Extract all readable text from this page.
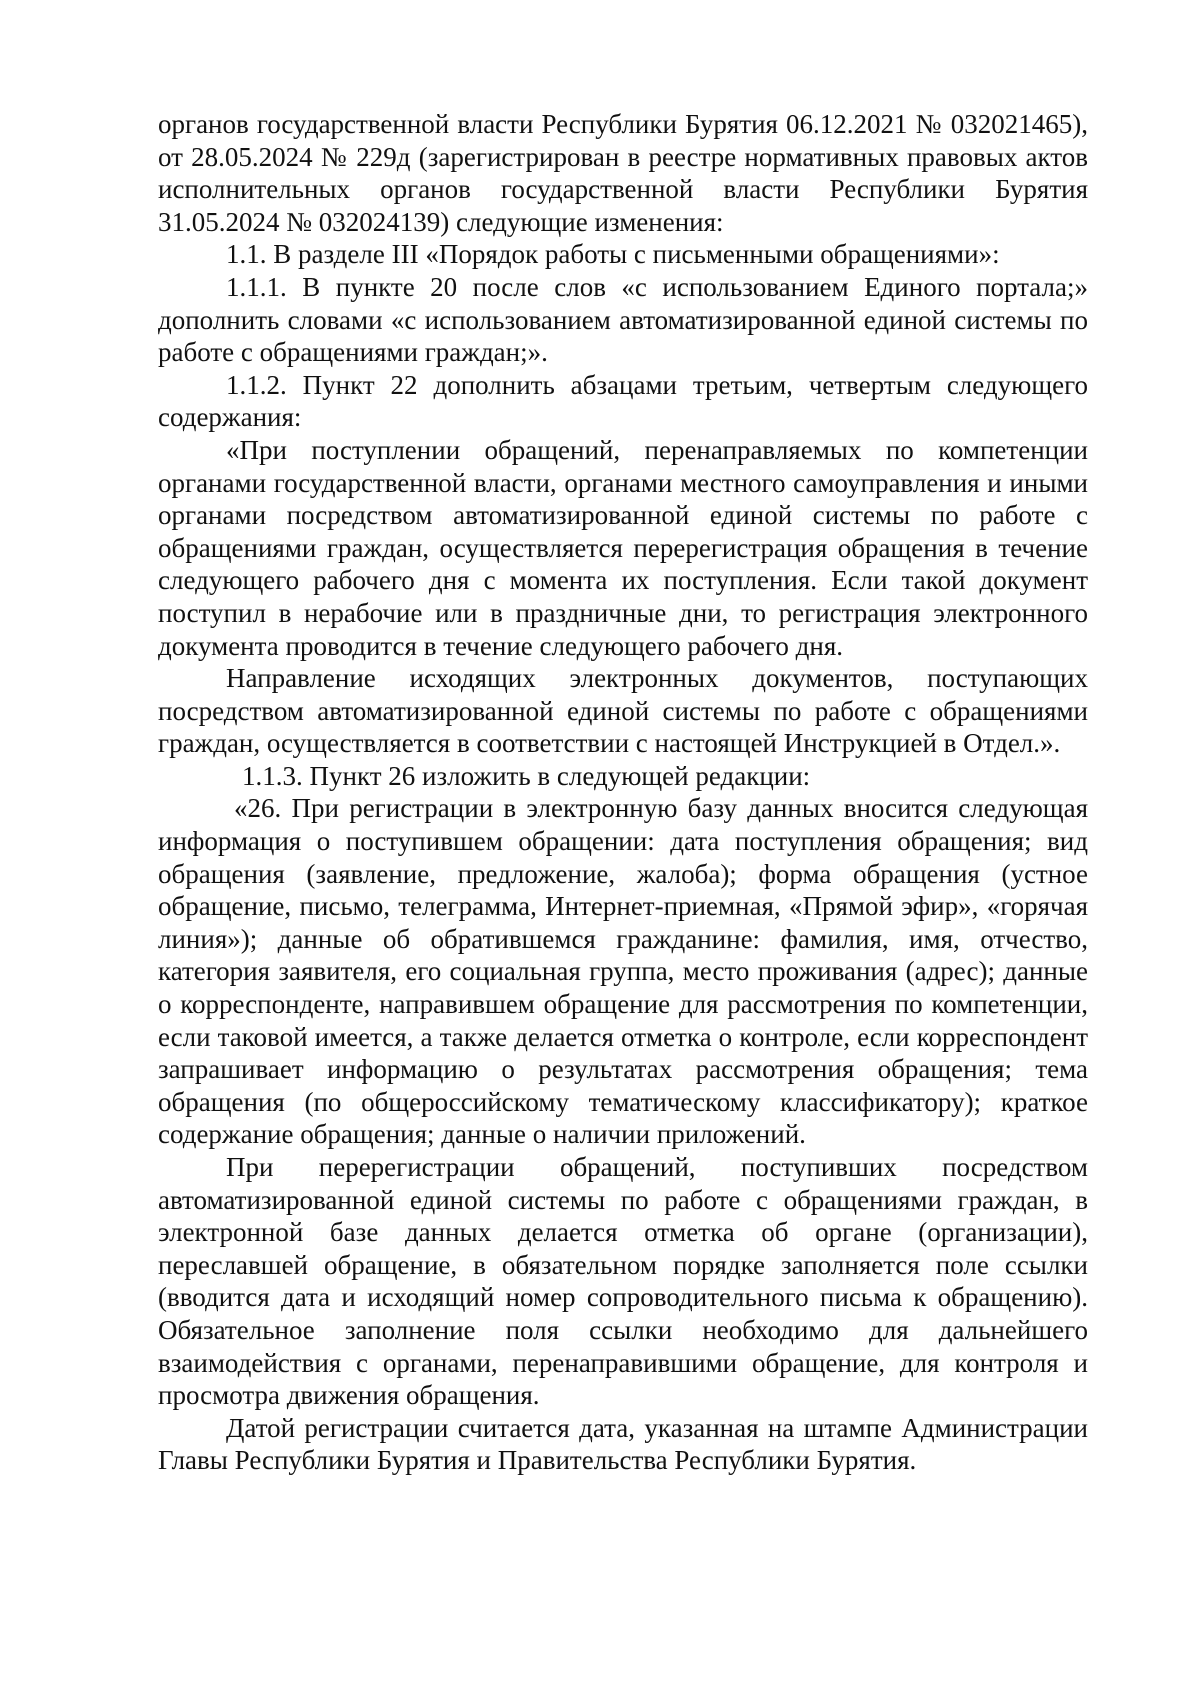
органов государственной власти Республики Бурятия 06.12.2021 № 032021465), от 28.05.2024 № 229д (зарегистрирован в реестре нормативных правовых актов исполнительных органов государственной власти Республики Бурятия 31.05.2024 № 032024139) следующие изменения:

1.1. В разделе III «Порядок работы с письменными обращениями»:

1.1.1. В пункте 20 после слов «с использованием Единого портала;» дополнить словами «с использованием автоматизированной единой системы по работе с обращениями граждан;».

1.1.2. Пункт 22 дополнить абзацами третьим, четвертым следующего содержания:

«При поступлении обращений, перенаправляемых по компетенции органами государственной власти, органами местного самоуправления и иными органами посредством автоматизированной единой системы по работе с обращениями граждан, осуществляется перерегистрация обращения в течение следующего рабочего дня с момента их поступления. Если такой документ поступил в нерабочие или в праздничные дни, то регистрация электронного документа проводится в течение следующего рабочего дня.

Направление исходящих электронных документов, поступающих посредством автоматизированной единой системы по работе с обращениями граждан, осуществляется в соответствии с настоящей Инструкцией в Отдел.».

1.1.3. Пункт 26 изложить в следующей редакции:

«26. При регистрации в электронную базу данных вносится следующая информация о поступившем обращении: дата поступления обращения; вид обращения (заявление, предложение, жалоба); форма обращения (устное обращение, письмо, телеграмма, Интернет-приемная, «Прямой эфир», «горячая линия»); данные об обратившемся гражданине: фамилия, имя, отчество, категория заявителя, его социальная группа, место проживания (адрес); данные о корреспонденте, направившем обращение для рассмотрения по компетенции, если таковой имеется, а также делается отметка о контроле, если корреспондент запрашивает информацию о результатах рассмотрения обращения; тема обращения (по общероссийскому тематическому классификатору); краткое содержание обращения; данные о наличии приложений.

При перерегистрации обращений, поступивших посредством автоматизированной единой системы по работе с обращениями граждан, в электронной базе данных делается отметка об органе (организации), переславшей обращение, в обязательном порядке заполняется поле ссылки (вводится дата и исходящий номер сопроводительного письма к обращению). Обязательное заполнение поля ссылки необходимо для дальнейшего взаимодействия с органами, перенаправившими обращение, для контроля и просмотра движения обращения.

Датой регистрации считается дата, указанная на штампе Администрации Главы Республики Бурятия и Правительства Республики Бурятия.
